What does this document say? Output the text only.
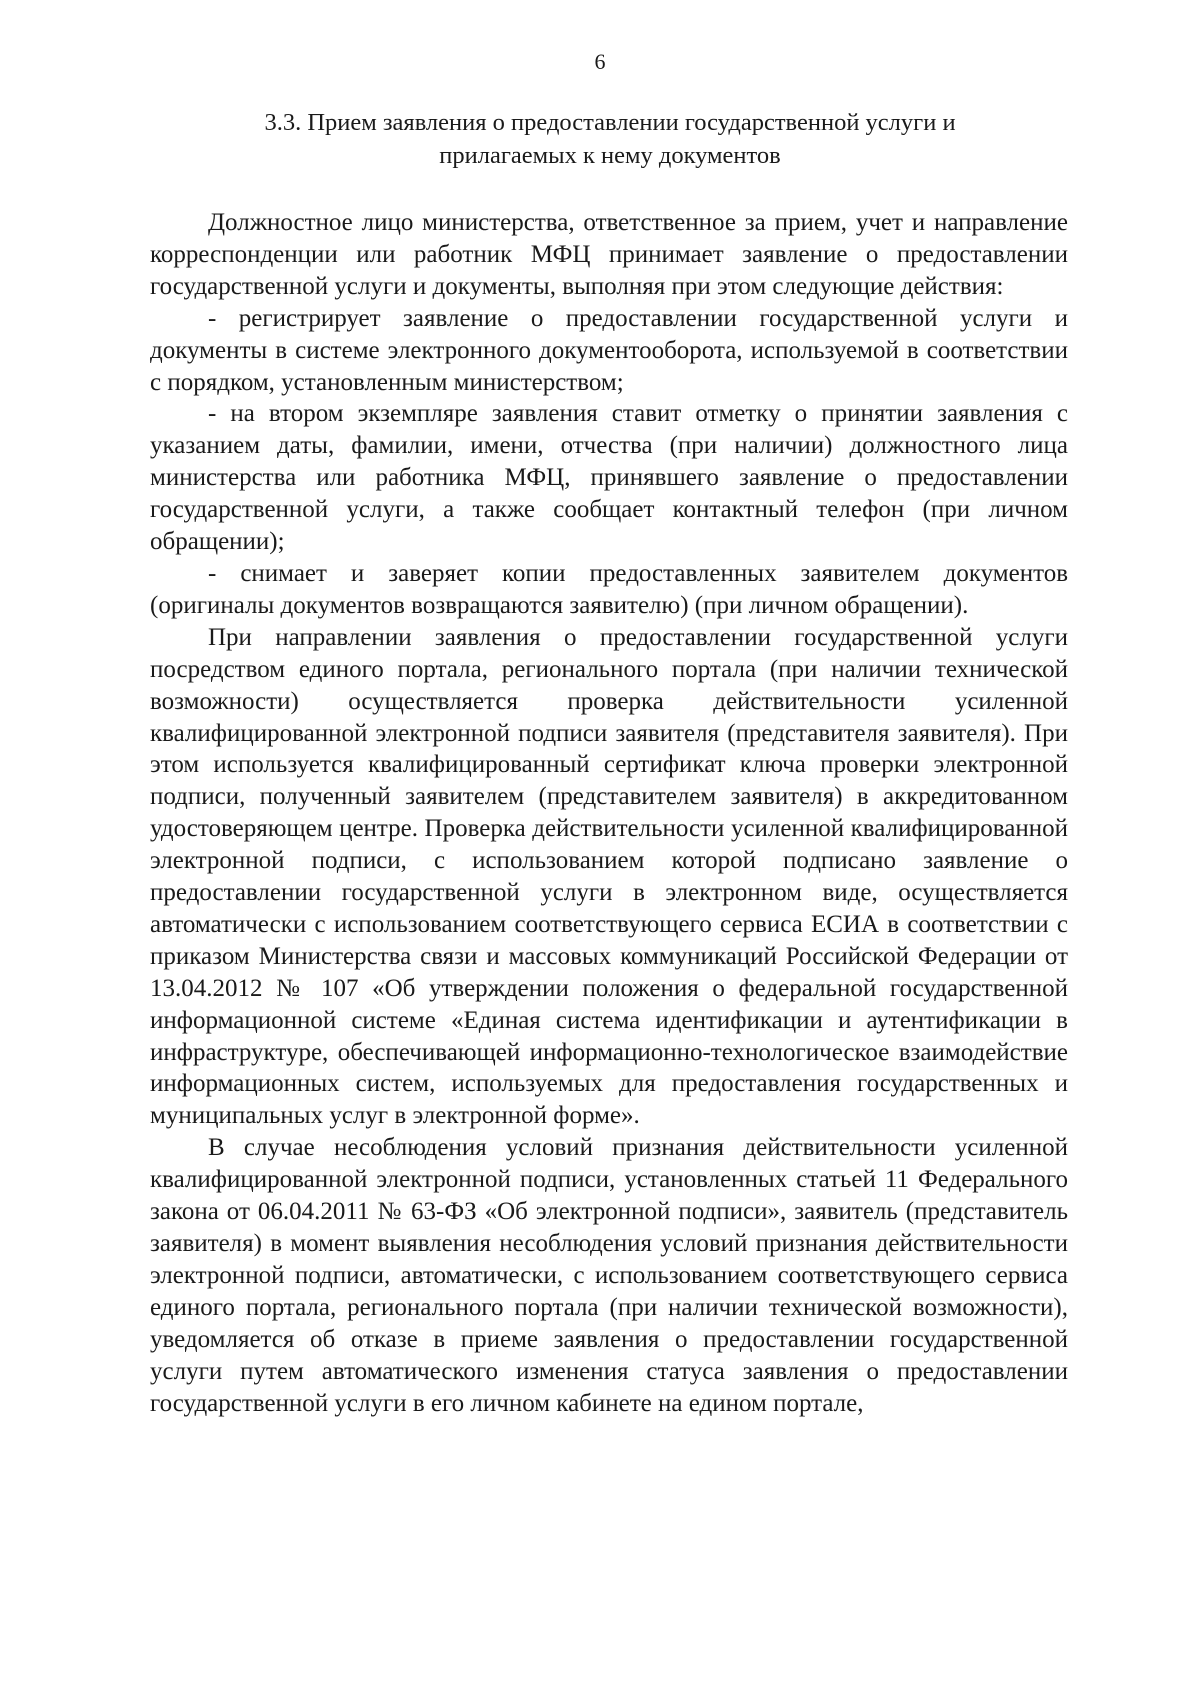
6
3.3. Прием заявления о предоставлении государственной услуги и прилагаемых к нему документов

Должностное лицо министерства, ответственное за прием, учет и направление корреспонденции или работник МФЦ принимает заявление о предоставлении государственной услуги и документы, выполняя при этом следующие действия:

- регистрирует заявление о предоставлении государственной услуги и документы в системе электронного документооборота, используемой в соответствии с порядком, установленным министерством;

- на втором экземпляре заявления ставит отметку о принятии заявления с указанием даты, фамилии, имени, отчества (при наличии) должностного лица министерства или работника МФЦ, принявшего заявление о предоставлении государственной услуги, а также сообщает контактный телефон (при личном обращении);

- снимает и заверяет копии предоставленных заявителем документов (оригиналы документов возвращаются заявителю) (при личном обращении).

При направлении заявления о предоставлении государственной услуги посредством единого портала, регионального портала (при наличии технической возможности) осуществляется проверка действительности усиленной квалифицированной электронной подписи заявителя (представителя заявителя). При этом используется квалифицированный сертификат ключа проверки электронной подписи, полученный заявителем (представителем заявителя) в аккредитованном удостоверяющем центре. Проверка действительности усиленной квалифицированной электронной подписи, с использованием которой подписано заявление о предоставлении государственной услуги в электронном виде, осуществляется автоматически с использованием соответствующего сервиса ЕСИА в соответствии с приказом Министерства связи и массовых коммуникаций Российской Федерации от 13.04.2012 № 107 «Об утверждении положения о федеральной государственной информационной системе «Единая система идентификации и аутентификации в инфраструктуре, обеспечивающей информационно-технологическое взаимодействие информационных систем, используемых для предоставления государственных и муниципальных услуг в электронной форме».

В случае несоблюдения условий признания действительности усиленной квалифицированной электронной подписи, установленных статьей 11 Федерального закона от 06.04.2011 № 63-ФЗ «Об электронной подписи», заявитель (представитель заявителя) в момент выявления несоблюдения условий признания действительности электронной подписи, автоматически, с использованием соответствующего сервиса единого портала, регионального портала (при наличии технической возможности), уведомляется об отказе в приеме заявления о предоставлении государственной услуги путем автоматического изменения статуса заявления о предоставлении государственной услуги в его личном кабинете на едином портале,
